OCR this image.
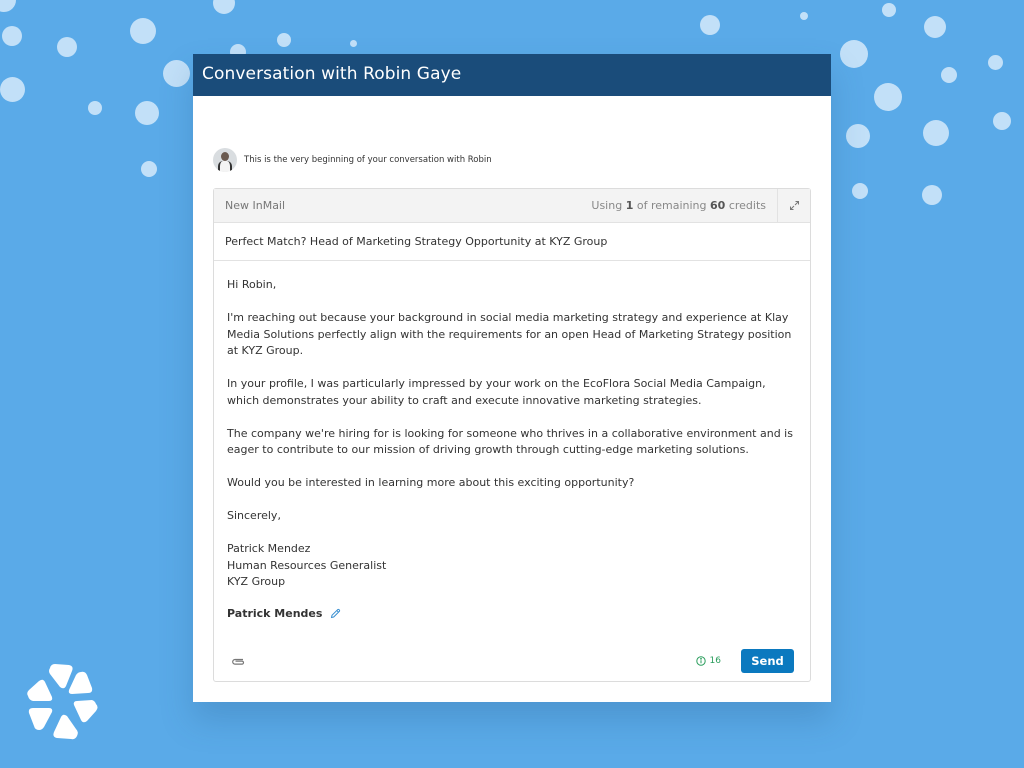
Conversation with Robin Gaye
This is the very beginning of your conversation with Robin
New InMail	Using 1 of remaining 60 credits
Perfect Match? Head of Marketing Strategy Opportunity at KYZ Group

Hi Robin,

I'm reaching out because your background in social media marketing strategy and experience at Klay Media Solutions perfectly align with the requirements for an open Head of Marketing Strategy position at KYZ Group.

In your profile, I was particularly impressed by your work on the EcoFlora Social Media Campaign, which demonstrates your ability to craft and execute innovative marketing strategies.

The company we're hiring for is looking for someone who thrives in a collaborative environment and is eager to contribute to our mission of driving growth through cutting-edge marketing solutions.

Would you be interested in learning more about this exciting opportunity?

Sincerely,

Patrick Mendez
Human Resources Generalist
KYZ Group

Patrick Mendes
16	Send
